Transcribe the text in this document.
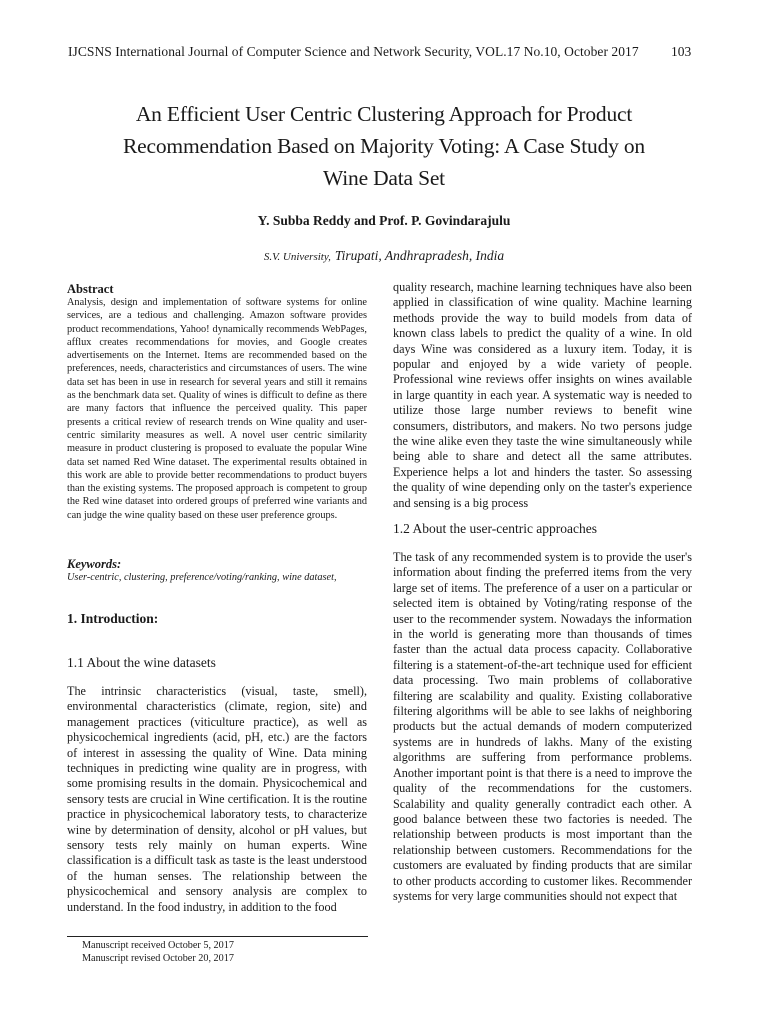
IJCSNS International Journal of Computer Science and Network Security, VOL.17 No.10, October 2017 103
An Efficient User Centric Clustering Approach for Product
Recommendation Based on Majority Voting: A Case Study on
Wine Data Set
Y. Subba Reddy and Prof. P. Govindarajulu
S.V. University, Tirupati, Andhrapradesh, India
Abstract

Analysis, design and implementation of software systems for online services, are a tedious and challenging. Amazon software provides product recommendations, Yahoo! dynamically recommends WebPages, afflux creates recommendations for movies, and Google creates advertisements on the Internet. Items are recommended based on the preferences, needs, characteristics and circumstances of users. The wine data set has been in use in research for several years and still it remains as the benchmark data set. Quality of wines is difficult to define as there are many factors that influence the perceived quality. This paper presents a critical review of research trends on Wine quality and user-centric similarity measures as well. A novel user centric similarity measure in product clustering is proposed to evaluate the popular Wine data set named Red Wine dataset. The experimental results obtained in this work are able to provide better recommendations to product buyers than the existing systems. The proposed approach is competent to group the Red wine dataset into ordered groups of preferred wine variants and can judge the wine quality based on these user preference groups.

Keywords:

User-centric, clustering, preference/voting/ranking, wine dataset,

1. Introduction:
1.1 About the wine datasets

The intrinsic characteristics (visual, taste, smell), environmental characteristics (climate, region, site) and management practices (viticulture practice), as well as physicochemical ingredients (acid, pH, etc.) are the factors of interest in assessing the quality of Wine. Data mining techniques in predicting wine quality are in progress, with some promising results in the domain. Physicochemical and sensory tests are crucial in Wine certification. It is the routine practice in physicochemical laboratory tests, to characterize wine by determination of density, alcohol or pH values, but sensory tests rely mainly on human experts. Wine classification is a difficult task as taste is the least understood of the human senses. The relationship between the physicochemical and sensory analysis are complex to understand. In the food industry, in addition to the food

quality research, machine learning techniques have also been applied in classification of wine quality. Machine learning methods provide the way to build models from data of known class labels to predict the quality of a wine. In old days Wine was considered as a luxury item. Today, it is popular and enjoyed by a wide variety of people. Professional wine reviews offer insights on wines available in large quantity in each year. A systematic way is needed to utilize those large number reviews to benefit wine consumers, distributors, and makers. No two persons judge the wine alike even they taste the wine simultaneously while being able to share and detect all the same attributes. Experience helps a lot and hinders the taster. So assessing the quality of wine depending only on the taster's experience and sensing is a big process

1.2 About the user-centric approaches

The task of any recommended system is to provide the user's information about finding the preferred items from the very large set of items. The preference of a user on a particular or selected item is obtained by Voting/rating response of the user to the recommender system. Nowadays the information in the world is generating more than thousands of times faster than the actual data process capacity. Collaborative filtering is a statement-of-the-art technique used for efficient data processing. Two main problems of collaborative filtering are scalability and quality. Existing collaborative filtering algorithms will be able to see lakhs of neighboring products but the actual demands of modern computerized systems are in hundreds of lakhs. Many of the existing algorithms are suffering from performance problems. Another important point is that there is a need to improve the quality of the recommendations for the customers. Scalability and quality generally contradict each other. A good balance between these two factories is needed. The relationship between products is most important than the relationship between customers. Recommendations for the customers are evaluated by finding products that are similar to other products according to customer likes. Recommender systems for very large communities should not expect that

Manuscript received October 5, 2017
Manuscript revised October 20, 2017
